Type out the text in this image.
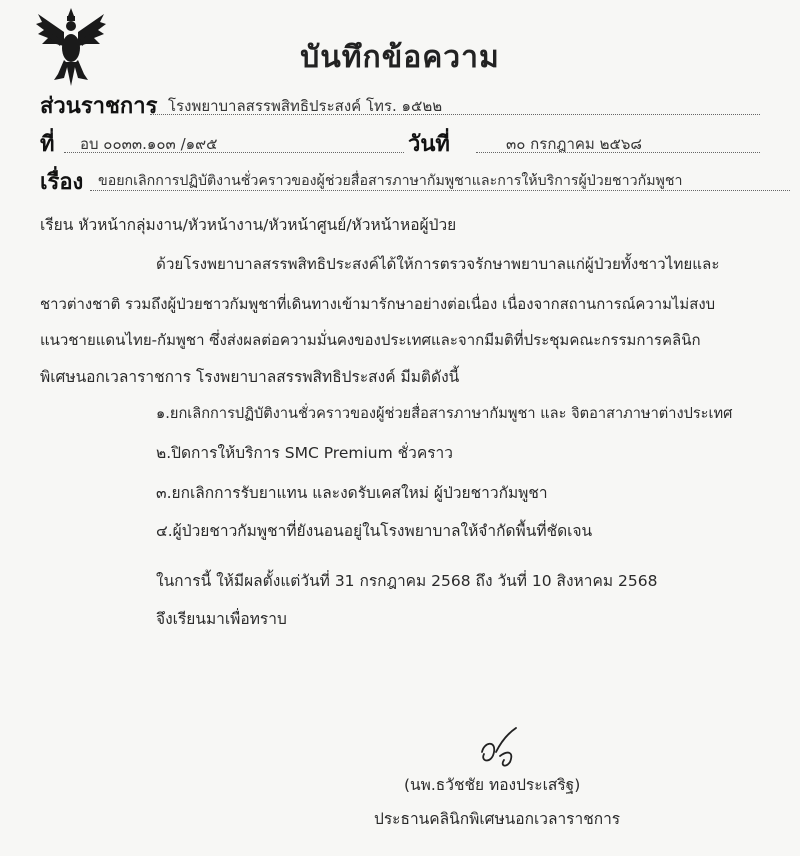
บันทึกข้อความ
ส่วนราชการ โรงพยาบาลสรรพสิทธิประสงค์ โทร. ๑๕๒๒
ที่ อบ ๐๐๓๓.๑๐๓ /๑๙๕	วันที่	๓๐ กรกฎาคม ๒๕๖๘
เรื่อง ขอยกเลิกการปฏิบัติงานชั่วคราวของผู้ช่วยสื่อสารภาษากัมพูชาและการให้บริการผู้ป่วยชาวกัมพูชา
เรียน หัวหน้ากลุ่มงาน/หัวหน้างาน/หัวหน้าศูนย์/หัวหน้าหอผู้ป่วย
ด้วยโรงพยาบาลสรรพสิทธิประสงค์ได้ให้การตรวจรักษาพยาบาลแก่ผู้ป่วยทั้งชาวไทยและ
ชาวต่างชาติ รวมถึงผู้ป่วยชาวกัมพูชาที่เดินทางเข้ามารักษาอย่างต่อเนื่อง เนื่องจากสถานการณ์ความไม่สงบ
แนวชายแดนไทย-กัมพูชา ซึ่งส่งผลต่อความมั่นคงของประเทศและจากมีมติที่ประชุมคณะกรรมการคลินิก
พิเศษนอกเวลาราชการ โรงพยาบาลสรรพสิทธิประสงค์ มีมติดังนี้
๑.ยกเลิกการปฏิบัติงานชั่วคราวของผู้ช่วยสื่อสารภาษากัมพูชา และ จิตอาสาภาษาต่างประเทศ
๒.ปิดการให้บริการ SMC Premium ชั่วคราว
๓.ยกเลิกการรับยาแทน และงดรับเคสใหม่ ผู้ป่วยชาวกัมพูชา
๔.ผู้ป่วยชาวกัมพูชาที่ยังนอนอยู่ในโรงพยาบาลให้จำกัดพื้นที่ชัดเจน
ในการนี้ ให้มีผลตั้งแต่วันที่ 31 กรกฎาคม 2568 ถึง วันที่ 10 สิงหาคม 2568
จึงเรียนมาเพื่อทราบ
(นพ.ธวัชชัย ทองประเสริฐ)
ประธานคลินิกพิเศษนอกเวลาราชการ
